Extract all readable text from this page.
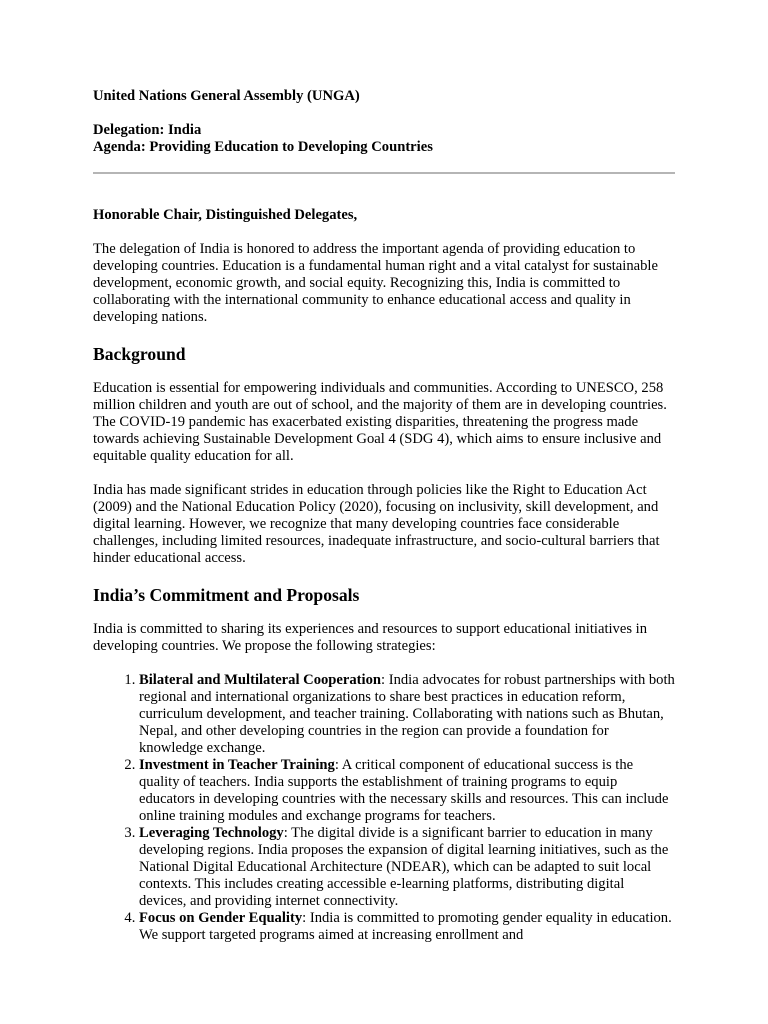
United Nations General Assembly (UNGA)
Delegation: India
Agenda: Providing Education to Developing Countries

Honorable Chair, Distinguished Delegates,

The delegation of India is honored to address the important agenda of providing education to developing countries. Education is a fundamental human right and a vital catalyst for sustainable development, economic growth, and social equity. Recognizing this, India is committed to collaborating with the international community to enhance educational access and quality in developing nations.

Background

Education is essential for empowering individuals and communities. According to UNESCO, 258 million children and youth are out of school, and the majority of them are in developing countries. The COVID-19 pandemic has exacerbated existing disparities, threatening the progress made towards achieving Sustainable Development Goal 4 (SDG 4), which aims to ensure inclusive and equitable quality education for all.

India has made significant strides in education through policies like the Right to Education Act (2009) and the National Education Policy (2020), focusing on inclusivity, skill development, and digital learning. However, we recognize that many developing countries face considerable challenges, including limited resources, inadequate infrastructure, and socio-cultural barriers that hinder educational access.

India’s Commitment and Proposals

India is committed to sharing its experiences and resources to support educational initiatives in developing countries. We propose the following strategies:

1. Bilateral and Multilateral Cooperation: India advocates for robust partnerships with both regional and international organizations to share best practices in education reform, curriculum development, and teacher training. Collaborating with nations such as Bhutan, Nepal, and other developing countries in the region can provide a foundation for knowledge exchange.
2. Investment in Teacher Training: A critical component of educational success is the quality of teachers. India supports the establishment of training programs to equip educators in developing countries with the necessary skills and resources. This can include online training modules and exchange programs for teachers.
3. Leveraging Technology: The digital divide is a significant barrier to education in many developing regions. India proposes the expansion of digital learning initiatives, such as the National Digital Educational Architecture (NDEAR), which can be adapted to suit local contexts. This includes creating accessible e-learning platforms, distributing digital devices, and providing internet connectivity.
4. Focus on Gender Equality: India is committed to promoting gender equality in education. We support targeted programs aimed at increasing enrollment and
